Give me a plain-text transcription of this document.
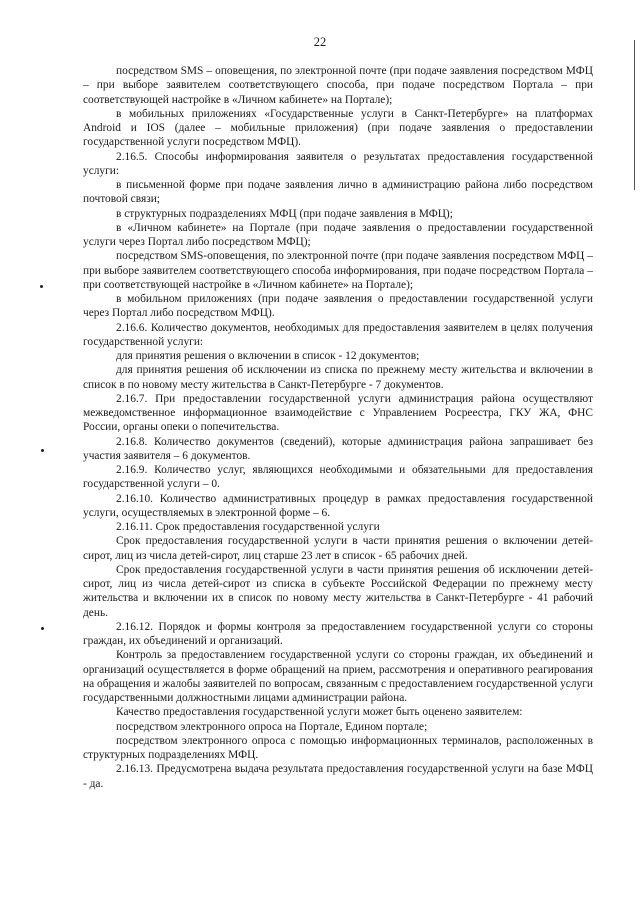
22

посредством SMS – оповещения, по электронной почте (при подаче заявления посредством МФЦ – при выборе заявителем соответствующего способа, при подаче посредством Портала – при соответствующей настройке в «Личном кабинете» на Портале);

в мобильных приложениях «Государственные услуги в Санкт-Петербурге» на платформах Android и IOS (далее – мобильные приложения) (при подаче заявления о предоставлении государственной услуги посредством МФЦ).

2.16.5. Способы информирования заявителя о результатах предоставления государственной услуги:

в письменной форме при подаче заявления лично в администрацию района либо посредством почтовой связи;

в структурных подразделениях МФЦ (при подаче заявления в МФЦ);

в «Личном кабинете» на Портале (при подаче заявления о предоставлении государственной услуги через Портал либо посредством МФЦ);

посредством SMS-оповещения, по электронной почте (при подаче заявления посредством МФЦ – при выборе заявителем соответствующего способа информирования, при подаче посредством Портала – при соответствующей настройке в «Личном кабинете» на Портале);

в мобильном приложениях (при подаче заявления о предоставлении государственной услуги через Портал либо посредством МФЦ).

2.16.6. Количество документов, необходимых для предоставления заявителем в целях получения государственной услуги:

для принятия решения о включении в список - 12 документов;

для принятия решения об исключении из списка по прежнему месту жительства и включении в список в по новому месту жительства в Санкт-Петербурге - 7 документов.

2.16.7. При предоставлении государственной услуги администрация района осуществляют межведомственное информационное взаимодействие с Управлением Росреестра, ГКУ ЖА, ФНС России, органы опеки о попечительства.

2.16.8. Количество документов (сведений), которые администрация района запрашивает без участия заявителя – 6 документов.

2.16.9. Количество услуг, являющихся необходимыми и обязательными для предоставления государственной услуги – 0.

2.16.10. Количество административных процедур в рамках предоставления государственной услуги, осуществляемых в электронной форме – 6.

2.16.11. Срок предоставления государственной услуги

Срок предоставления государственной услуги в части принятия решения о включении детей-сирот, лиц из числа детей-сирот, лиц старше 23 лет в список - 65 рабочих дней.

Срок предоставления государственной услуги в части принятия решения об исключении детей-сирот, лиц из числа детей-сирот из списка в субъекте Российской Федерации по прежнему месту жительства и включении их в список по новому месту жительства в Санкт-Петербурге - 41 рабочий день.

2.16.12. Порядок и формы контроля за предоставлением государственной услуги со стороны граждан, их объединений и организаций.

Контроль за предоставлением государственной услуги со стороны граждан, их объединений и организаций осуществляется в форме обращений на прием, рассмотрения и оперативного реагирования на обращения и жалобы заявителей по вопросам, связанным с предоставлением государственной услуги государственными должностными лицами администрации района.

Качество предоставления государственной услуги может быть оценено заявителем:

посредством электронного опроса на Портале, Едином портале;

посредством электронного опроса с помощью информационных терминалов, расположенных в структурных подразделениях МФЦ.

2.16.13. Предусмотрена выдача результата предоставления государственной услуги на базе МФЦ - да.
